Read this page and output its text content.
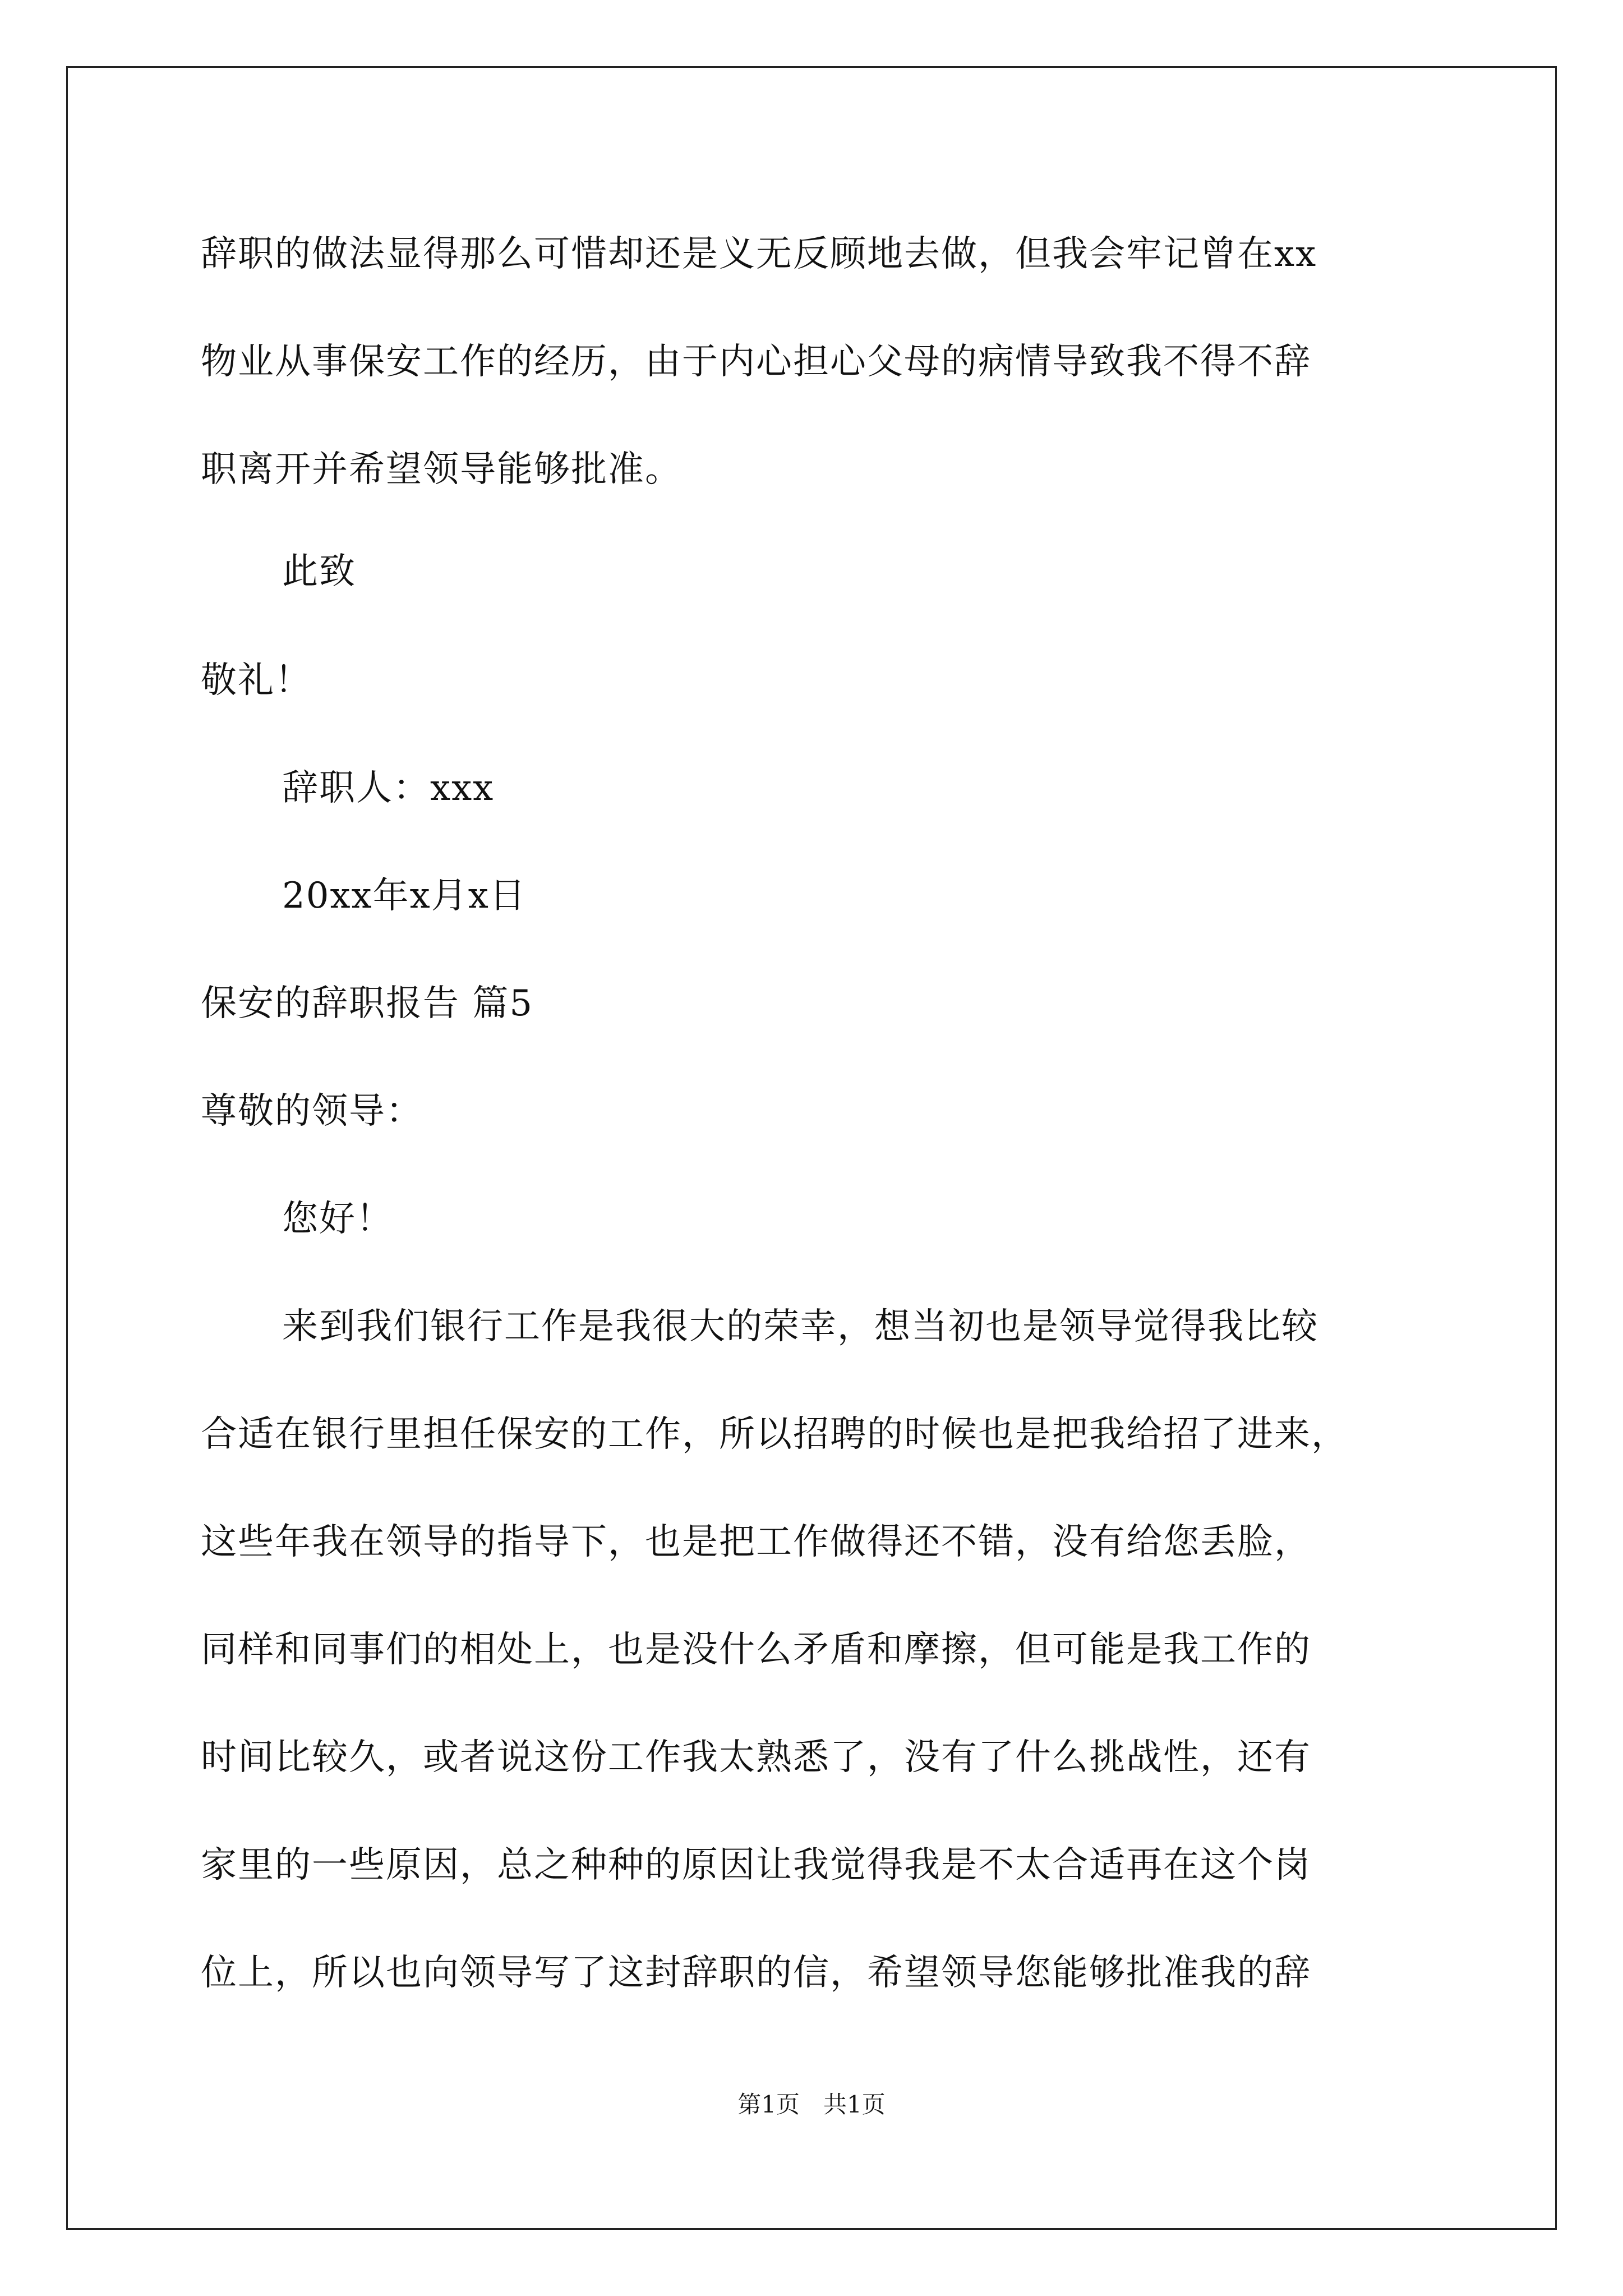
辞职的做法显得那么可惜却还是义无反顾地去做，但我会牢记曾在xx
物业从事保安工作的经历，由于内心担心父母的病情导致我不得不辞
职离开并希望领导能够批准。
此致
敬礼！
辞职人：xxx
20xx年x月x日
保安的辞职报告 篇5
尊敬的领导：
您好！
来到我们银行工作是我很大的荣幸，想当初也是领导觉得我比较
合适在银行里担任保安的工作，所以招聘的时候也是把我给招了进来，
这些年我在领导的指导下，也是把工作做得还不错，没有给您丢脸，
同样和同事们的相处上，也是没什么矛盾和摩擦，但可能是我工作的
时间比较久，或者说这份工作我太熟悉了，没有了什么挑战性，还有
家里的一些原因，总之种种的原因让我觉得我是不太合适再在这个岗
位上，所以也向领导写了这封辞职的信，希望领导您能够批准我的辞
第1页　共1页
